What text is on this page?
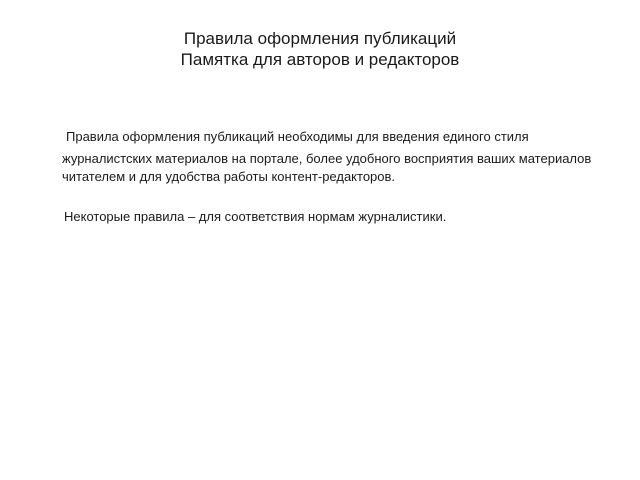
Правила оформления публикаций
Памятка для авторов и редакторов

Правила оформления публикаций необходимы для введения единого стиля
журналистских материалов на портале, более удобного восприятия ваших материалов
читателем и для удобства работы контент-редакторов.

Некоторые правила – для соответствия нормам журналистики.
